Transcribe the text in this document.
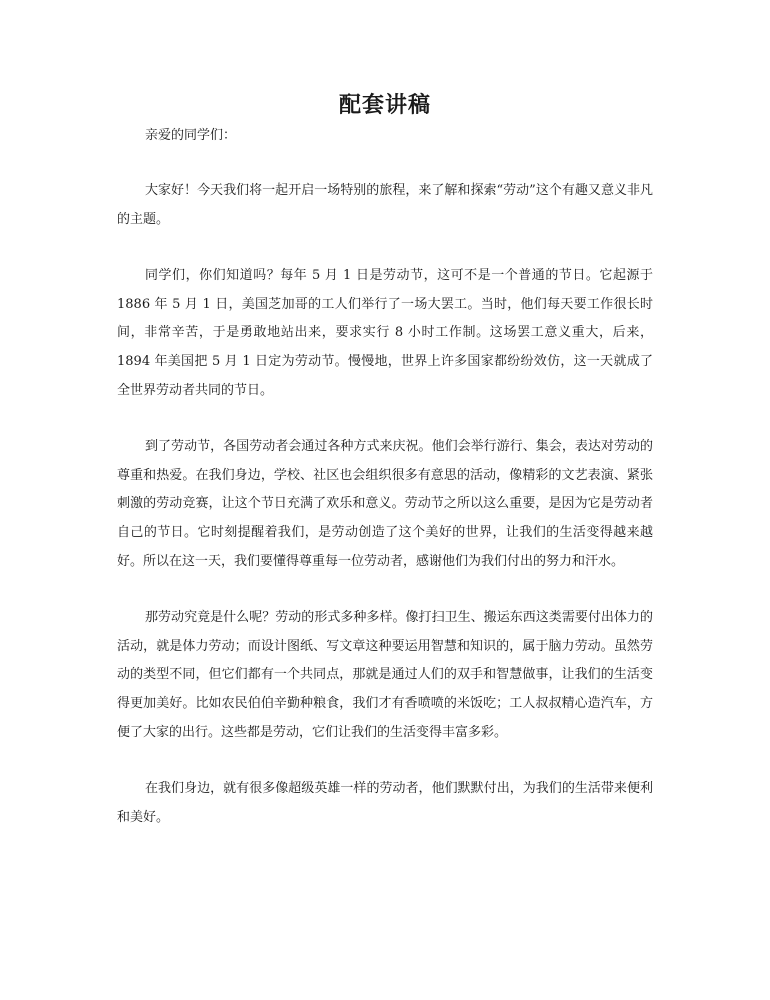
配套讲稿

亲爱的同学们：

大家好！今天我们将一起开启一场特别的旅程，来了解和探索“劳动”这个有趣又意义非凡的主题。

同学们，你们知道吗？每年 5 月 1 日是劳动节，这可不是一个普通的节日。它起源于 1886 年 5 月 1 日，美国芝加哥的工人们举行了一场大罢工。当时，他们每天要工作很长时间，非常辛苦，于是勇敢地站出来，要求实行 8 小时工作制。这场罢工意义重大，后来，1894 年美国把 5 月 1 日定为劳动节。慢慢地，世界上许多国家都纷纷效仿，这一天就成了全世界劳动者共同的节日。

到了劳动节，各国劳动者会通过各种方式来庆祝。他们会举行游行、集会，表达对劳动的尊重和热爱。在我们身边，学校、社区也会组织很多有意思的活动，像精彩的文艺表演、紧张刺激的劳动竞赛，让这个节日充满了欢乐和意义。劳动节之所以这么重要，是因为它是劳动者自己的节日。它时刻提醒着我们，是劳动创造了这个美好的世界，让我们的生活变得越来越好。所以在这一天，我们要懂得尊重每一位劳动者，感谢他们为我们付出的努力和汗水。

那劳动究竟是什么呢？劳动的形式多种多样。像打扫卫生、搬运东西这类需要付出体力的活动，就是体力劳动；而设计图纸、写文章这种要运用智慧和知识的，属于脑力劳动。虽然劳动的类型不同，但它们都有一个共同点，那就是通过人们的双手和智慧做事，让我们的生活变得更加美好。比如农民伯伯辛勤种粮食，我们才有香喷喷的米饭吃；工人叔叔精心造汽车，方便了大家的出行。这些都是劳动，它们让我们的生活变得丰富多彩。

在我们身边，就有很多像超级英雄一样的劳动者，他们默默付出，为我们的生活带来便利和美好。
